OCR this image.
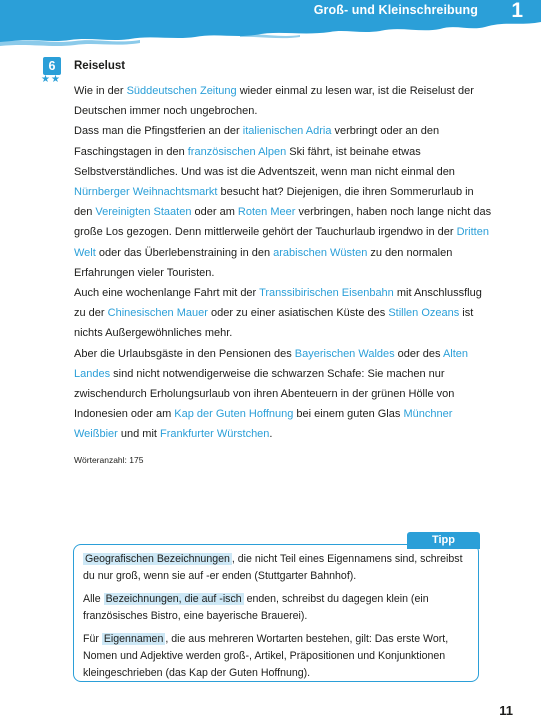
Groß- und Kleinschreibung 1
6
★ ★
Reiselust

Wie in der Süddeutschen Zeitung wieder einmal zu lesen war, ist die Reiselust der Deutschen immer noch ungebrochen.

Dass man die Pfingstferien an der italienischen Adria verbringt oder an den Faschingstagen in den französischen Alpen Ski fährt, ist beinahe etwas Selbstverständliches. Und was ist die Adventszeit, wenn man nicht einmal den Nürnberger Weihnachtsmarkt besucht hat? Diejenigen, die ihren Sommerurlaub in den Vereinigten Staaten oder am Roten Meer verbringen, haben noch lange nicht das große Los gezogen. Denn mittlerweile gehört der Tauchurlaub irgendwo in der Dritten Welt oder das Überlebenstraining in den arabischen Wüsten zu den normalen Erfahrungen vieler Touristen.

Auch eine wochenlange Fahrt mit der Transsibirischen Eisenbahn mit Anschlussflug zu der Chinesischen Mauer oder zu einer asiatischen Küste des Stillen Ozeans ist nichts Außergewöhnliches mehr.

Aber die Urlaubsgäste in den Pensionen des Bayerischen Waldes oder des Alten Landes sind nicht notwendigerweise die schwarzen Schafe: Sie machen nur zwischendurch Erholungsurlaub von ihren Abenteuern in der grünen Hölle von Indonesien oder am Kap der Guten Hoffnung bei einem guten Glas Münchner Weißbier und mit Frankfurter Würstchen.

Wörteranzahl: 175
Tipp

Geografischen Bezeichnungen , die nicht Teil eines Eigennamens sind, schreibst du nur groß, wenn sie auf -er enden (Stuttgarter Bahnhof).

Alle Bezeichnungen, die auf -isch enden, schreibst du dagegen klein (ein französisches Bistro, eine bayerische Brauerei).

Für Eigennamen , die aus mehreren Wortarten bestehen, gilt: Das erste Wort, Nomen und Adjektive werden groß-, Artikel, Präpositionen und Konjunktionen kleingeschrieben (das Kap der Guten Hoffnung).

11
